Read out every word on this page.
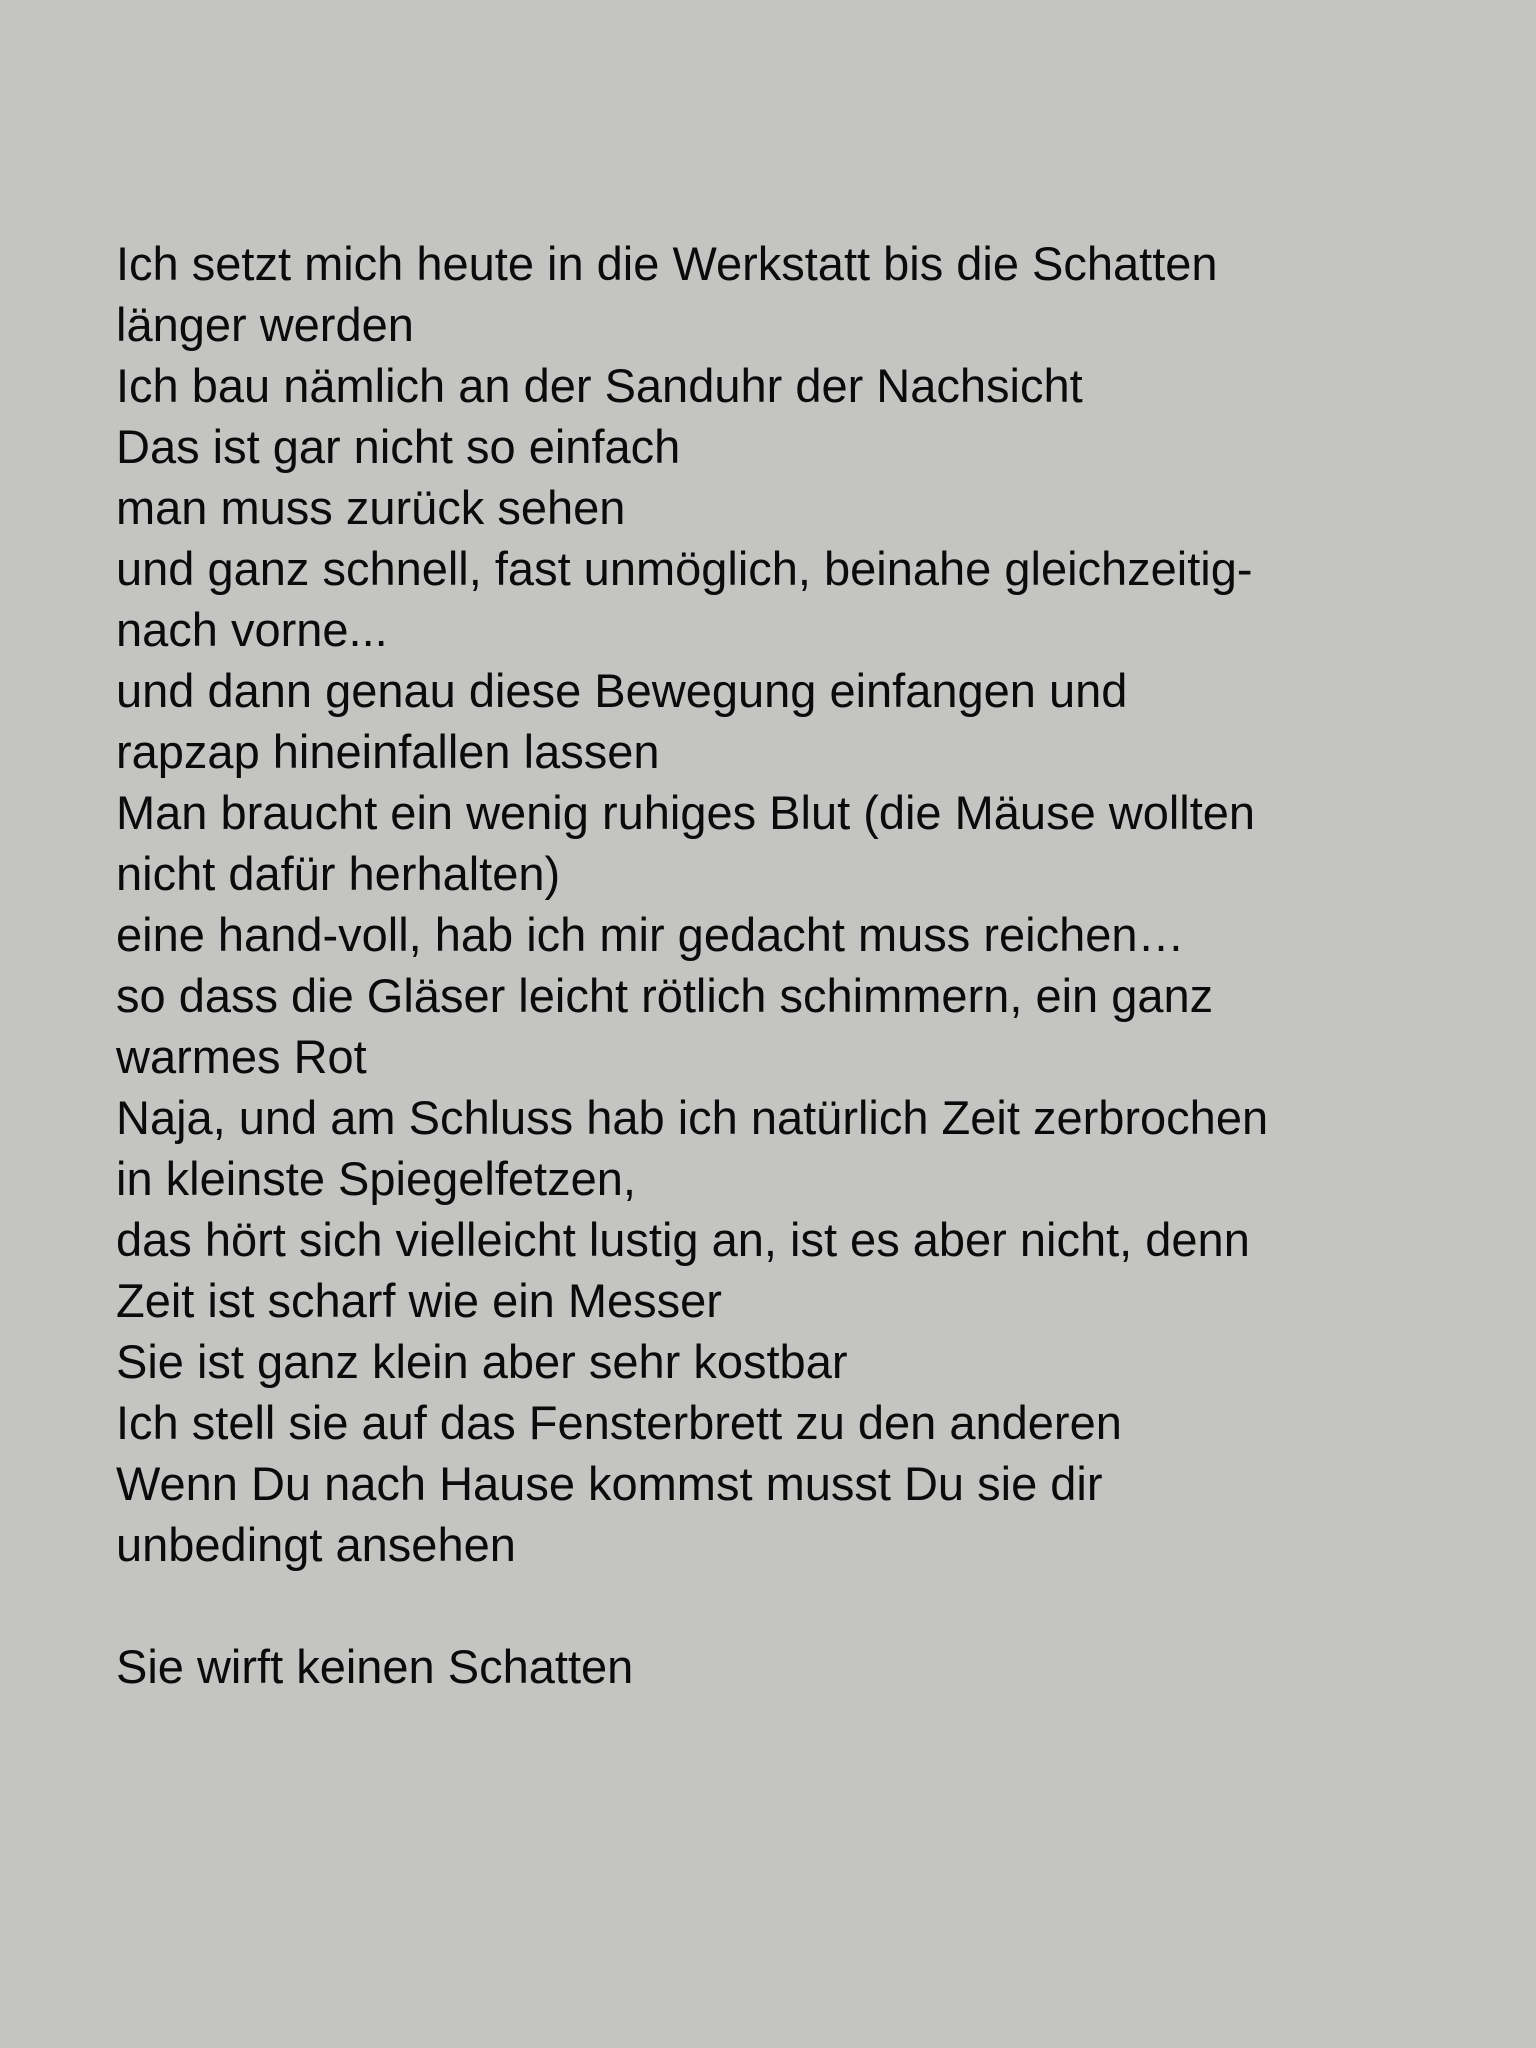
Ich setzt mich heute in die Werkstatt bis die Schatten
länger werden
Ich bau nämlich an der Sanduhr der Nachsicht
Das ist gar nicht so einfach
man muss zurück sehen
und ganz schnell, fast unmöglich, beinahe gleichzeitig-
nach vorne...
und dann genau diese Bewegung einfangen und
rapzap hineinfallen lassen
Man braucht ein wenig ruhiges Blut (die Mäuse wollten
nicht dafür herhalten)
eine hand-voll, hab ich mir gedacht muss reichen…
so dass die Gläser leicht rötlich schimmern, ein ganz
warmes Rot
Naja, und am Schluss hab ich natürlich Zeit zerbrochen
in kleinste Spiegelfetzen,
das hört sich vielleicht lustig an, ist es aber nicht, denn
Zeit ist scharf wie ein Messer
Sie ist ganz klein aber sehr kostbar
Ich stell sie auf das Fensterbrett zu den anderen
Wenn Du nach Hause kommst musst Du sie dir
unbedingt ansehen
Sie wirft keinen Schatten
